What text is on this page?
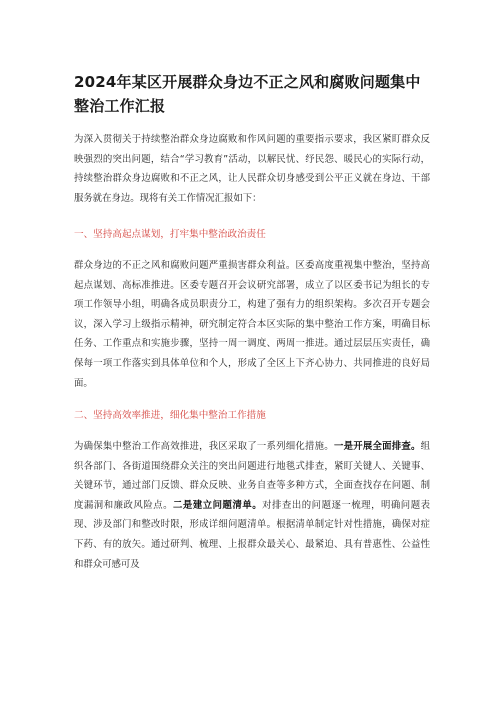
2024年某区开展群众身边不正之风和腐败问题集中整治工作汇报
为深入贯彻关于持续整治群众身边腐败和作风问题的重要指示要求，我区紧盯群众反映强烈的突出问题，结合“学习教育”活动，以解民忧、纾民怨、暖民心的实际行动，持续整治群众身边腐败和不正之风，让人民群众切身感受到公平正义就在身边、干部服务就在身边。现将有关工作情况汇报如下：
一、坚持高起点谋划，打牢集中整治政治责任
群众身边的不正之风和腐败问题严重损害群众利益。区委高度重视集中整治，坚持高起点谋划、高标准推进。区委专题召开会议研究部署，成立了以区委书记为组长的专项工作领导小组，明确各成员职责分工，构建了强有力的组织架构。多次召开专题会议，深入学习上级指示精神，研究制定符合本区实际的集中整治工作方案，明确目标任务、工作重点和实施步骤，坚持一周一调度、两周一推进。通过层层压实责任，确保每一项工作落实到具体单位和个人，形成了全区上下齐心协力、共同推进的良好局面。
二、坚持高效率推进，细化集中整治工作措施
为确保集中整治工作高效推进，我区采取了一系列细化措施。一是开展全面排查。组织各部门、各街道围绕群众关注的突出问题进行地毯式排查，紧盯关键人、关键事、关键环节，通过部门反馈、群众反映、业务自查等多种方式，全面查找存在问题、制度漏洞和廉政风险点。二是建立问题清单。对排查出的问题逐一梳理，明确问题表现、涉及部门和整改时限，形成详细问题清单。根据清单制定针对性措施，确保对症下药、有的放矢。通过研判、梳理、上报群众最关心、最紧迫、具有普惠性、公益性和群众可感可及
